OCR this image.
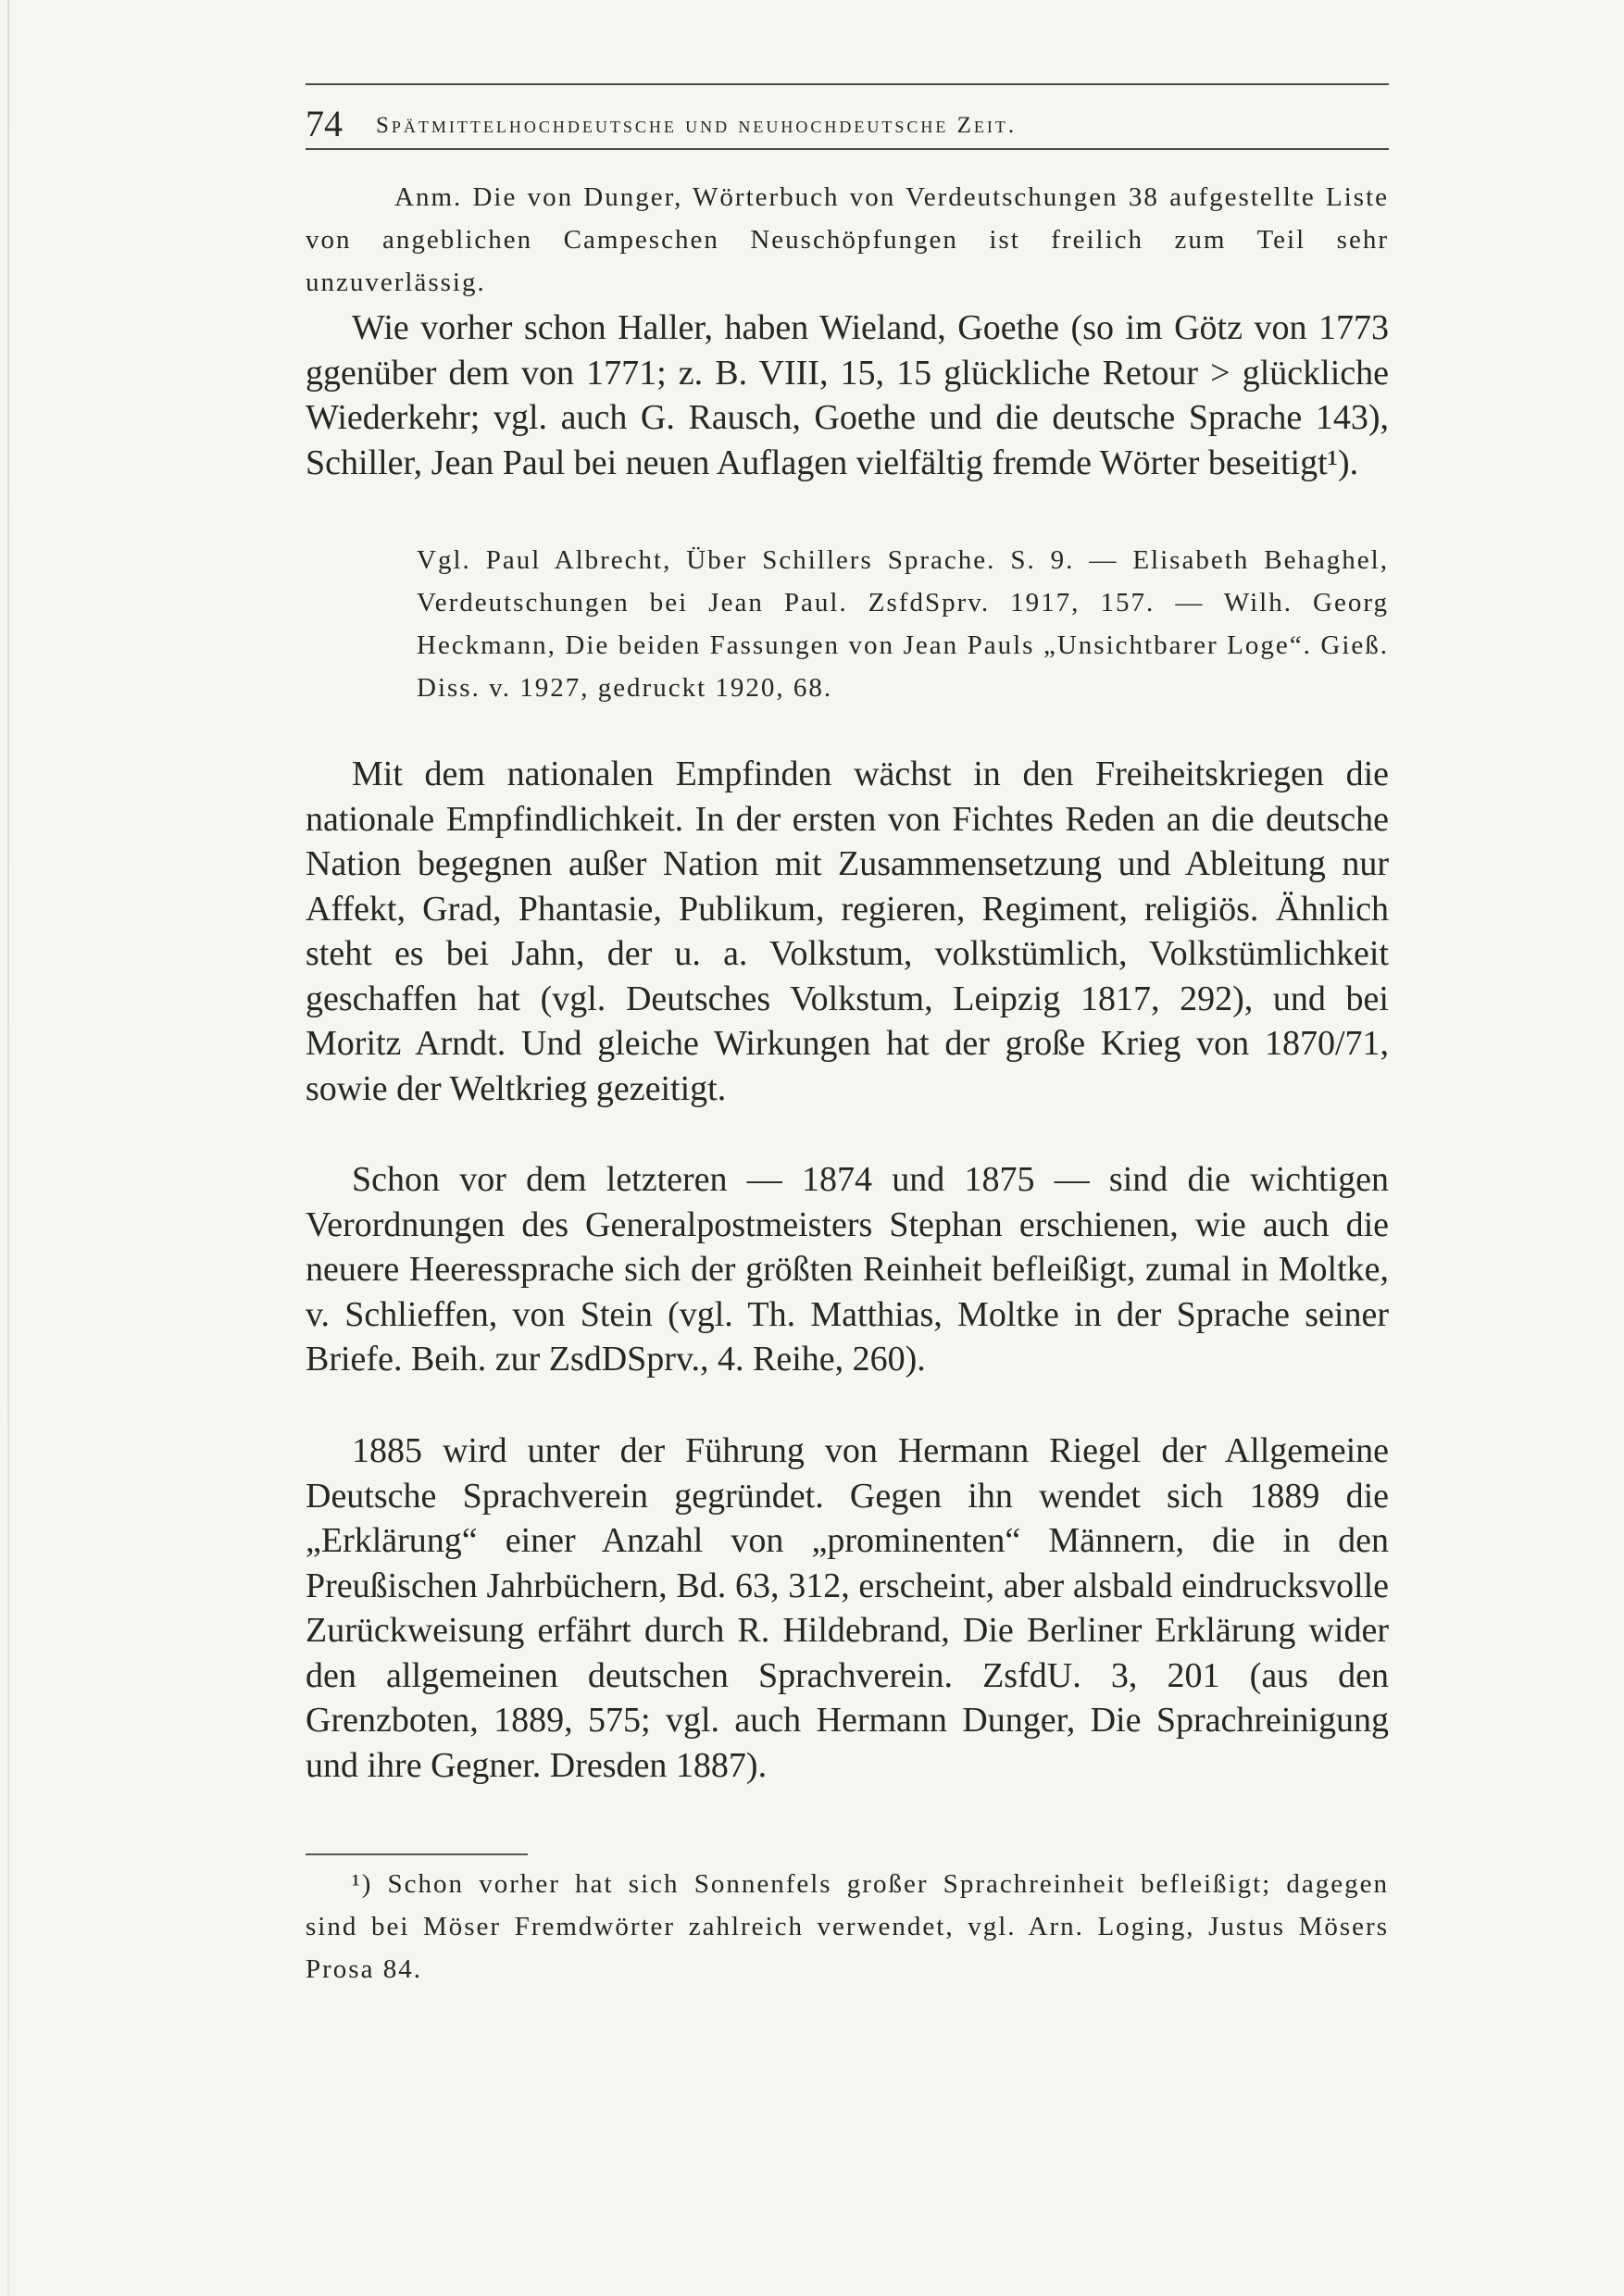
74 Spätmittelhochdeutsche und neuhochdeutsche Zeit.

Anm. Die von Dunger, Wörterbuch von Verdeutschungen 38 aufgestellte Liste von angeblichen Campeschen Neuschöpfungen ist freilich zum Teil sehr unzuverlässig.

Wie vorher schon Haller, haben Wieland, Goethe (so im Götz von 1773 ggenüber dem von 1771; z. B. VIII, 15, 15 glückliche Retour > glückliche Wiederkehr; vgl. auch G. Rausch, Goethe und die deutsche Sprache 143), Schiller, Jean Paul bei neuen Auflagen vielfältig fremde Wörter beseitigt¹).

Vgl. Paul Albrecht, Über Schillers Sprache. S. 9. — Elisabeth Behaghel, Verdeutschungen bei Jean Paul. ZsfdSprv. 1917, 157. — Wilh. Georg Heckmann, Die beiden Fassungen von Jean Pauls „Unsichtbarer Loge“. Gieß. Diss. v. 1927, gedruckt 1920, 68.

Mit dem nationalen Empfinden wächst in den Freiheitskriegen die nationale Empfindlichkeit. In der ersten von Fichtes Reden an die deutsche Nation begegnen außer Nation mit Zusammensetzung und Ableitung nur Affekt, Grad, Phantasie, Publikum, regieren, Regiment, religiös. Ähnlich steht es bei Jahn, der u. a. Volkstum, volkstümlich, Volkstümlichkeit geschaffen hat (vgl. Deutsches Volkstum, Leipzig 1817, 292), und bei Moritz Arndt. Und gleiche Wirkungen hat der große Krieg von 1870/71, sowie der Weltkrieg gezeitigt.

Schon vor dem letzteren — 1874 und 1875 — sind die wichtigen Verordnungen des Generalpostmeisters Stephan erschienen, wie auch die neuere Heeressprache sich der größten Reinheit befleißigt, zumal in Moltke, v. Schlieffen, von Stein (vgl. Th. Matthias, Moltke in der Sprache seiner Briefe. Beih. zur ZsdDSprv., 4. Reihe, 260).

1885 wird unter der Führung von Hermann Riegel der Allgemeine Deutsche Sprachverein gegründet. Gegen ihn wendet sich 1889 die „Erklärung“ einer Anzahl von „prominenten“ Männern, die in den Preußischen Jahrbüchern, Bd. 63, 312, erscheint, aber alsbald eindrucksvolle Zurückweisung erfährt durch R. Hildebrand, Die Berliner Erklärung wider den allgemeinen deutschen Sprachverein. ZsfdU. 3, 201 (aus den Grenzboten, 1889, 575; vgl. auch Hermann Dunger, Die Sprachreinigung und ihre Gegner. Dresden 1887).

¹) Schon vorher hat sich Sonnenfels großer Sprachreinheit befleißigt; dagegen sind bei Möser Fremdwörter zahlreich verwendet, vgl. Arn. Loging, Justus Mösers Prosa 84.
